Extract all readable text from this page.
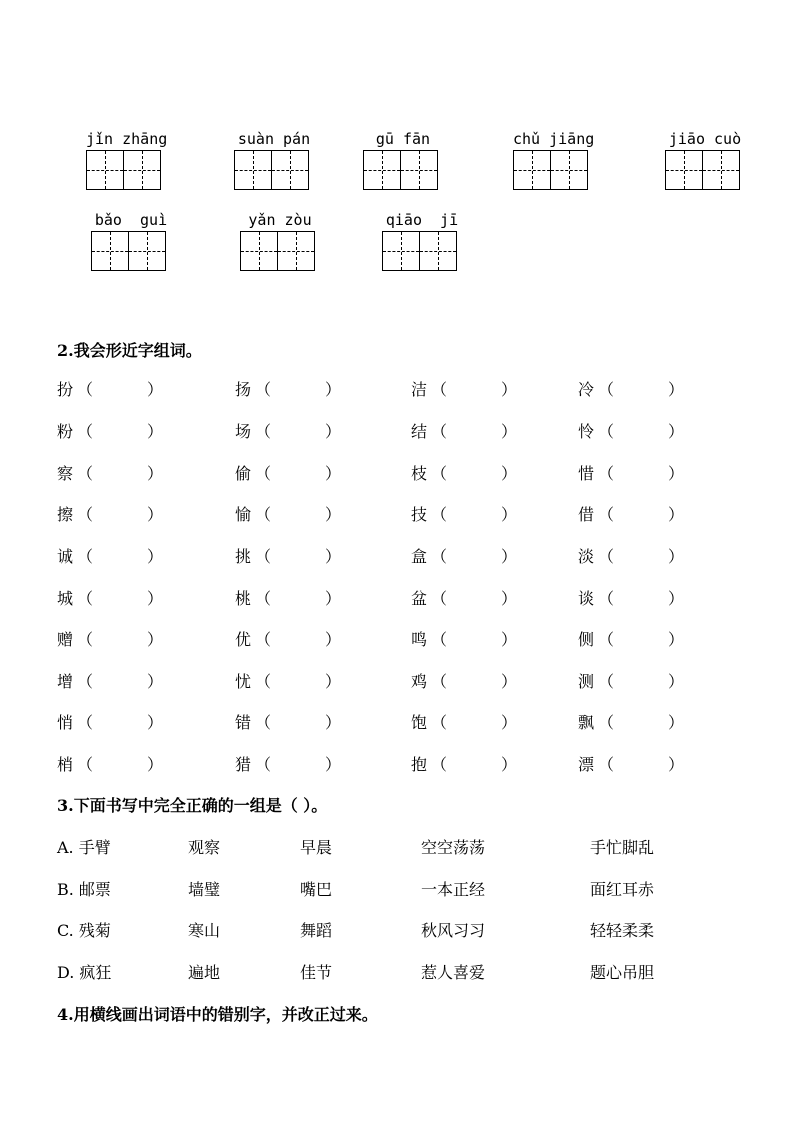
jǐn zhāng	suàn pán	gū fān	chǔ jiāng	jiāo cuò
bǎo  guì	yǎn zòu	qiāo  jī
2.我会形近字组词。
扮 （	）	扬 （	）	洁 （	）	冷 （	）
粉 （	）	场 （	）	结 （	）	怜 （	）
察 （	）	偷 （	）	枝 （	）	惜 （	）
擦 （	）	愉 （	）	技 （	）	借 （	）
诚 （	）	挑 （	）	盒 （	）	淡 （	）
城 （	）	桃 （	）	盆 （	）	谈 （	）
赠 （	）	优 （	）	鸣 （	）	侧 （	）
增 （	）	忧 （	）	鸡 （	）	测 （	）
悄 （	）	错 （	）	饱 （	）	飘 （	）
梢 （	）	猎 （	）	抱 （	）	漂 （	）
3.下面书写中完全正确的一组是（ ）。
A. 手臂	观察	早晨	空空荡荡	手忙脚乱
B. 邮票	墙璧	嘴巴	一本正经	面红耳赤
C. 残菊	寒山	舞蹈	秋风习习	轻轻柔柔
D. 疯狂	遍地	佳节	惹人喜爱	题心吊胆
4.用横线画出词语中的错别字，并改正过来。
